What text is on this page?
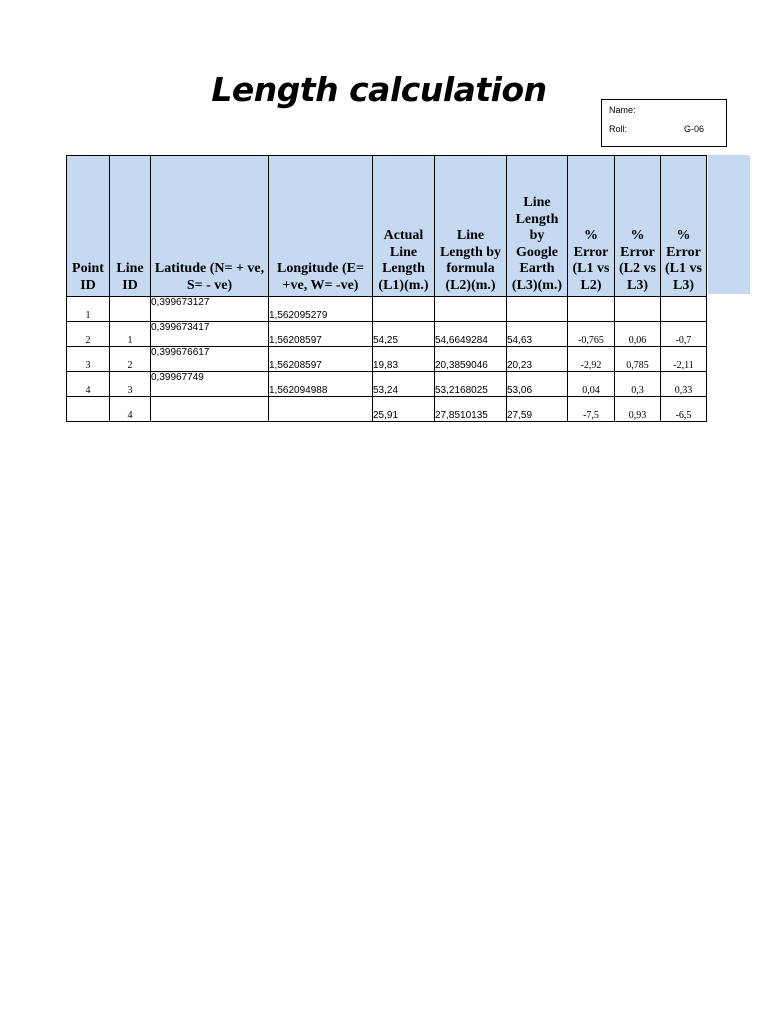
Length calculation
Name:
Roll:	G-06
Point ID	Line ID	Latitude (N= + ve, S= - ve)	Longitude (E= +ve, W= -ve)	Actual Line Length (L1)(m.)	Line Length by formula (L2)(m.)	Line Length by Google Earth (L3)(m.)	% Error (L1 vs L2)	% Error (L2 vs L3)	% Error (L1 vs L3)
1		0,399673127	1,562095279						
2	1	0,399673417	1,56208597	54,25	54,6649284	54,63	-0,765	0,06	-0,7
3	2	0,399676617	1,56208597	19,83	20,3859046	20,23	-2,92	0,785	-2,11
4	3	0,39967749	1,562094988	53,24	53,2168025	53,06	0,04	0,3	0,33
	4			25,91	27,8510135	27,59	-7,5	0,93	-6,5
